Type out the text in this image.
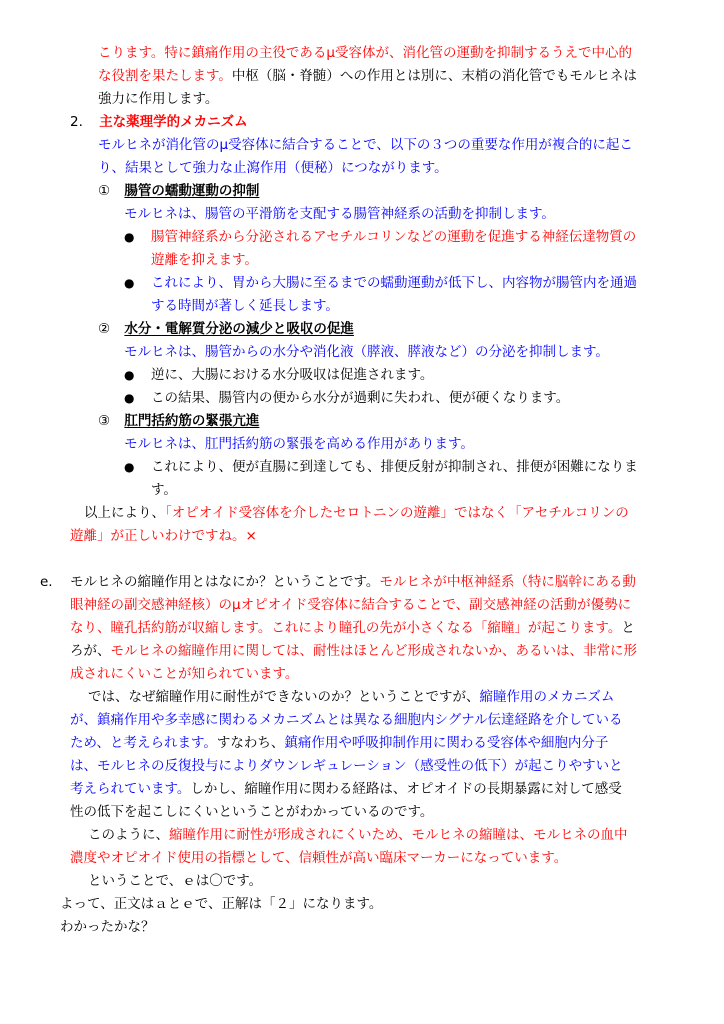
こります。特に鎮痛作用の主役であるμ受容体が、消化管の運動を抑制するうえで中心的
な役割を果たします。中枢（脳・脊髄）への作用とは別に、末梢の消化管でもモルヒネは
強力に作用します。
2. 主な薬理学的メカニズム
モルヒネが消化管のμ受容体に結合することで、以下の３つの重要な作用が複合的に起こ
り、結果として強力な止瀉作用（便秘）につながります。
① 腸管の蠕動運動の抑制
モルヒネは、腸管の平滑筋を支配する腸管神経系の活動を抑制します。
● 腸管神経系から分泌されるアセチルコリンなどの運動を促進する神経伝達物質の
遊離を抑えます。
● これにより、胃から大腸に至るまでの蠕動運動が低下し、内容物が腸管内を通過
する時間が著しく延長します。
② 水分・電解質分泌の減少と吸収の促進
モルヒネは、腸管からの水分や消化液（膵液、膵液など）の分泌を抑制します。
● 逆に、大腸における水分吸収は促進されます。
● この結果、腸管内の便から水分が過剰に失われ、便が硬くなります。
③ 肛門括約筋の緊張亢進
モルヒネは、肛門括約筋の緊張を高める作用があります。
● これにより、便が直腸に到達しても、排便反射が抑制され、排便が困難になりま
す。
以上により、「オピオイド受容体を介したセロトニンの遊離」ではなく「アセチルコリンの
遊離」が正しいわけですね。×
e. モルヒネの縮瞳作用とはなにか？ということです。モルヒネが中枢神経系（特に脳幹にある動
眼神経の副交感神経核）のμオピオイド受容体に結合することで、副交感神経の活動が優勢に
なり、瞳孔括約筋が収縮します。これにより瞳孔の先が小さくなる「縮瞳」が起こります。と
ろが、モルヒネの縮瞳作用に関しては、耐性はほとんど形成されないか、あるいは、非常に形
成されにくいことが知られています。
では、なぜ縮瞳作用に耐性ができないのか？ということですが、縮瞳作用のメカニズム
が、鎮痛作用や多幸感に関わるメカニズムとは異なる細胞内シグナル伝達経路を介している
ため、と考えられます。すなわち、鎮痛作用や呼吸抑制作用に関わる受容体や細胞内分子
は、モルヒネの反復投与によりダウンレギュレーション（感受性の低下）が起こりやすいと
考えられています。しかし、縮瞳作用に関わる経路は、オピオイドの長期暴露に対して感受
性の低下を起こしにくいということがわかっているのです。
このように、縮瞳作用に耐性が形成されにくいため、モルヒネの縮瞳は、モルヒネの血中
濃度やオピオイド使用の指標として、信頼性が高い臨床マーカーになっています。
ということで、ｅは〇です。
よって、正文はａとｅで、正解は「２」になります。
わかったかな？
